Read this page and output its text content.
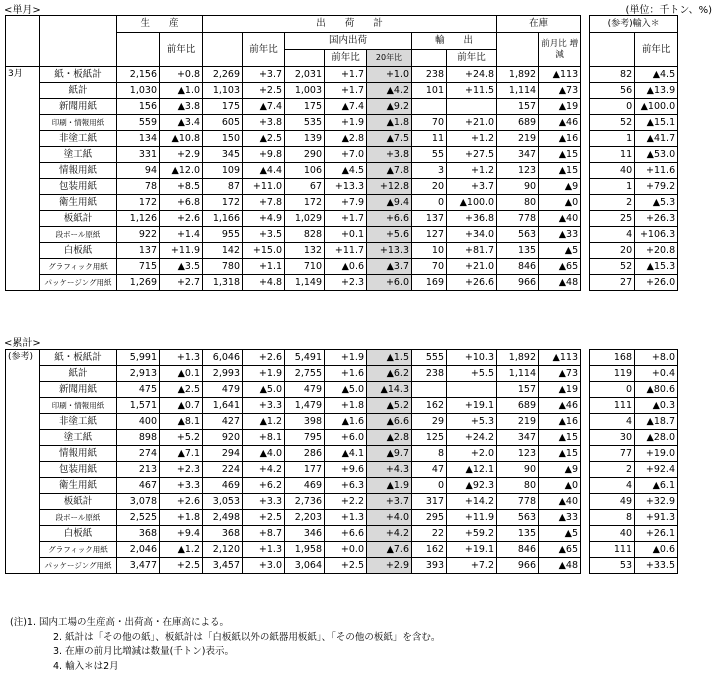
<単月>	(単位：千トン、%)
<累計>
		生　　産		出　　荷　　計							在庫			(参考)輸入＊	
			前年比		前年比	国内出荷			輸　　出			前月比 増 減			前年比
							前年比	20年比		前年比					
3月	紙・板紙計	2,156	+0.8	2,269	+3.7	2,031	+1.7	+1.0	238	+24.8	1,892	▲113		82	▲4.5
	紙計	1,030	▲1.0	1,103	+2.5	1,003	+1.7	▲4.2	101	+11.5	1,114	▲73		56	▲13.9
	新聞用紙	156	▲3.8	175	▲7.4	175	▲7.4	▲9.2			157	▲19		0	▲100.0
	印刷・情報用紙	559	▲3.4	605	+3.8	535	+1.9	▲1.8	70	+21.0	689	▲46		52	▲15.1
	非塗工紙	134	▲10.8	150	▲2.5	139	▲2.8	▲7.5	11	+1.2	219	▲16		1	▲41.7
	塗工紙	331	+2.9	345	+9.8	290	+7.0	+3.8	55	+27.5	347	▲15		11	▲53.0
	情報用紙	94	▲12.0	109	▲4.4	106	▲4.5	▲7.8	3	+1.2	123	▲15		40	+11.6
	包装用紙	78	+8.5	87	+11.0	67	+13.3	+12.8	20	+3.7	90	▲9		1	+79.2
	衛生用紙	172	+6.8	172	+7.8	172	+7.9	▲9.4	0	▲100.0	80	▲0		2	▲5.3
	板紙計	1,126	+2.6	1,166	+4.9	1,029	+1.7	+6.6	137	+36.8	778	▲40		25	+26.3
	段ボール原紙	922	+1.4	955	+3.5	828	+0.1	+5.6	127	+34.0	563	▲33		4	+106.3
	白板紙	137	+11.9	142	+15.0	132	+11.7	+13.3	10	+81.7	135	▲5		20	+20.8
	グラフィック用紙	715	▲3.5	780	+1.1	710	▲0.6	▲3.7	70	+21.0	846	▲65		52	▲15.3
	パッケージング用紙	1,269	+2.7	1,318	+4.8	1,149	+2.3	+6.0	169	+26.6	966	▲48		27	+26.0
(参考)	紙・板紙計	5,991	+1.3	6,046	+2.6	5,491	+1.9	▲1.5	555	+10.3	1,892	▲113		168	+8.0
	紙計	2,913	▲0.1	2,993	+1.9	2,755	+1.6	▲6.2	238	+5.5	1,114	▲73		119	+0.4
	新聞用紙	475	▲2.5	479	▲5.0	479	▲5.0	▲14.3			157	▲19		0	▲80.6
	印刷・情報用紙	1,571	▲0.7	1,641	+3.3	1,479	+1.8	▲5.2	162	+19.1	689	▲46		111	▲0.3
	非塗工紙	400	▲8.1	427	▲1.2	398	▲1.6	▲6.6	29	+5.3	219	▲16		4	▲18.7
	塗工紙	898	+5.2	920	+8.1	795	+6.0	▲2.8	125	+24.2	347	▲15		30	▲28.0
	情報用紙	274	▲7.1	294	▲4.0	286	▲4.1	▲9.7	8	+2.0	123	▲15		77	+19.0
	包装用紙	213	+2.3	224	+4.2	177	+9.6	+4.3	47	▲12.1	90	▲9		2	+92.4
	衛生用紙	467	+3.3	469	+6.2	469	+6.3	▲1.9	0	▲92.3	80	▲0		4	▲6.1
	板紙計	3,078	+2.6	3,053	+3.3	2,736	+2.2	+3.7	317	+14.2	778	▲40		49	+32.9
	段ボール原紙	2,525	+1.8	2,498	+2.5	2,203	+1.3	+4.0	295	+11.9	563	▲33		8	+91.3
	白板紙	368	+9.4	368	+8.7	346	+6.6	+4.2	22	+59.2	135	▲5		40	+26.1
	グラフィック用紙	2,046	▲1.2	2,120	+1.3	1,958	+0.0	▲7.6	162	+19.1	846	▲65		111	▲0.6
	パッケージング用紙	3,477	+2.5	3,457	+3.0	3,064	+2.5	+2.9	393	+7.2	966	▲48		53	+33.5
(注)1. 国内工場の生産高・出荷高・在庫高による。
2. 紙計は「その他の紙」、板紙計は「白板紙以外の紙器用板紙」、「その他の板紙」を含む。
3. 在庫の前月比増減は数量(千トン)表示。
4. 輸入＊は2月
